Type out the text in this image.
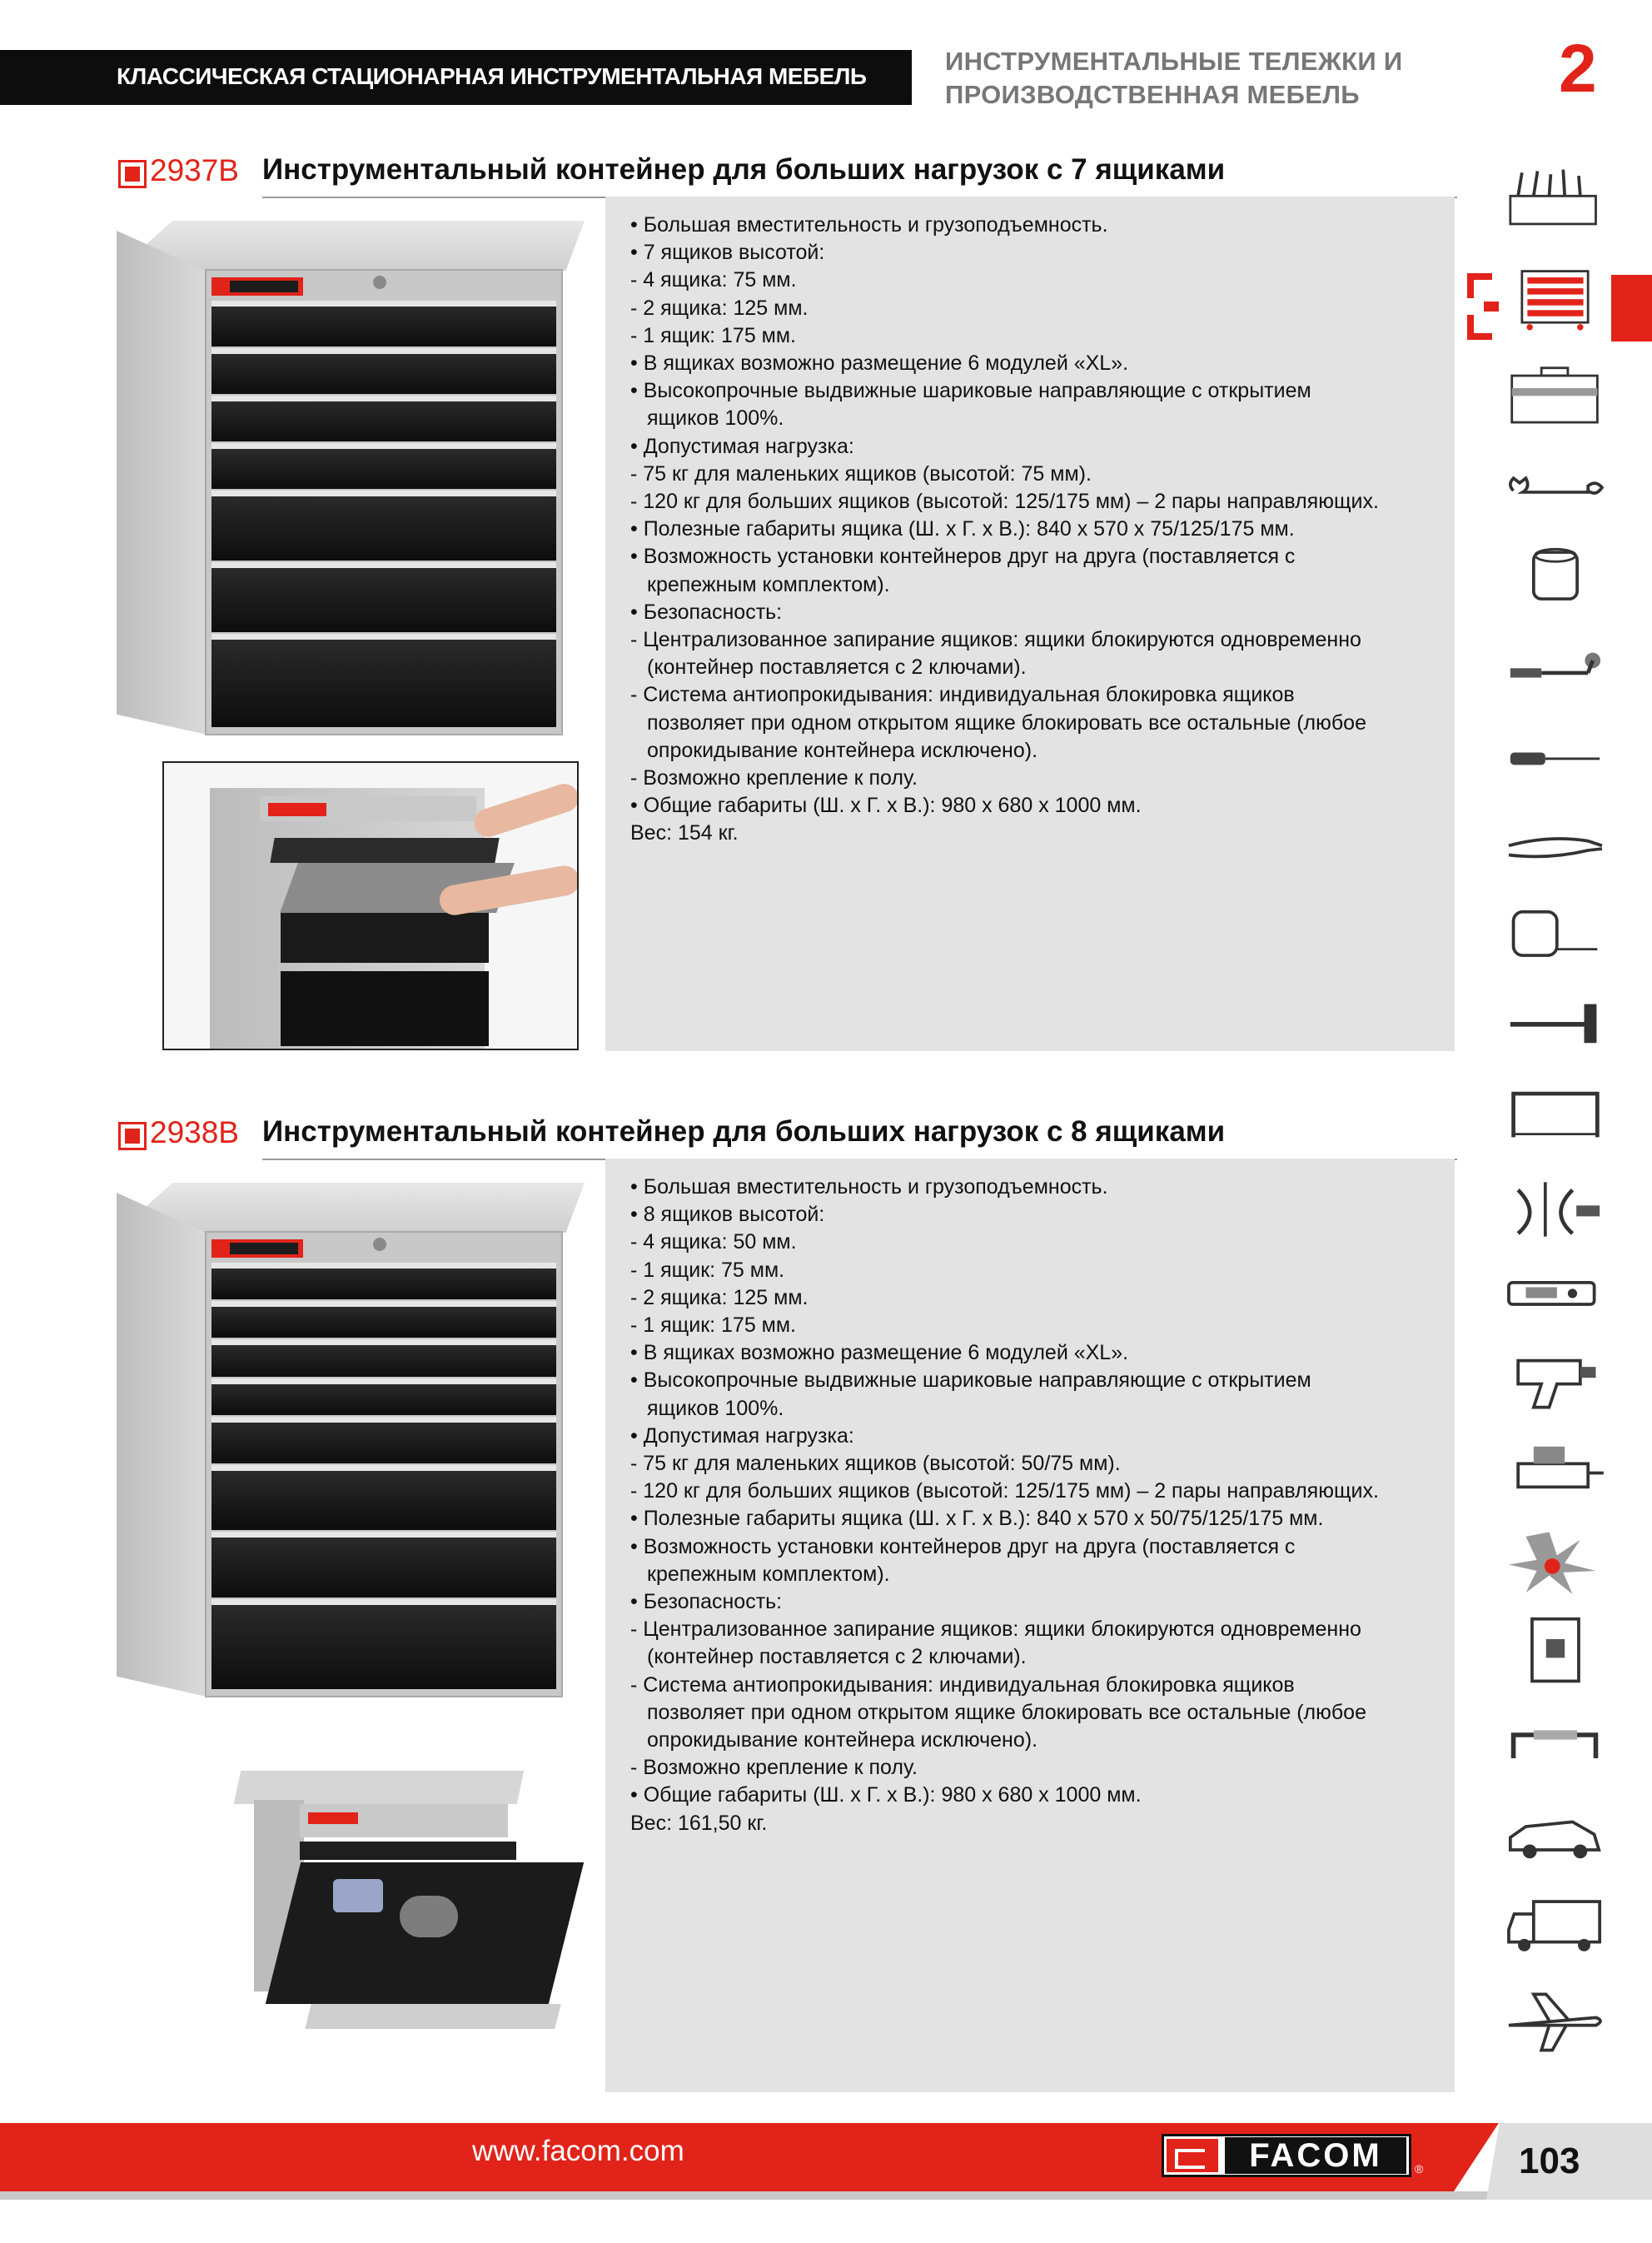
КЛАССИЧЕСКАЯ СТАЦИОНАРНАЯ ИНСТРУМЕНТАЛЬНАЯ МЕБЕЛЬ
ИНСТРУМЕНТАЛЬНЫЕ ТЕЛЕЖКИ И
ПРОИЗВОДСТВЕННАЯ МЕБЕЛЬ	2
2937B Инструментальный контейнер для больших нагрузок с 7 ящиками
• Большая вместительность и грузоподъемность.
• 7 ящиков высотой:
- 4 ящика: 75 мм.
- 2 ящика: 125 мм.
- 1 ящик: 175 мм.
• В ящиках возможно размещение 6 модулей «XL».
• Высокопрочные выдвижные шариковые направляющие с открытием
ящиков 100%.
• Допустимая нагрузка:
- 75 кг для маленьких ящиков (высотой: 75 мм).
- 120 кг для больших ящиков (высотой: 125/175 мм) – 2 пары направляющих.
• Полезные габариты ящика (Ш. x Г. x В.): 840 x 570 x 75/125/175 мм.
• Возможность установки контейнеров друг на друга (поставляется с
крепежным комплектом).
• Безопасность:
- Централизованное запирание ящиков: ящики блокируются одновременно
(контейнер поставляется с 2 ключами).
- Система антиопрокидывания: индивидуальная блокировка ящиков
позволяет при одном открытом ящике блокировать все остальные (любое
опрокидывание контейнера исключено).
- Возможно крепление к полу.
• Общие габариты (Ш. x Г. x В.): 980 x 680 x 1000 мм.
Вес: 154 кг.
2938B Инструментальный контейнер для больших нагрузок с 8 ящиками
• Большая вместительность и грузоподъемность.
• 8 ящиков высотой:
- 4 ящика: 50 мм.
- 1 ящик: 75 мм.
- 2 ящика: 125 мм.
- 1 ящик: 175 мм.
• В ящиках возможно размещение 6 модулей «XL».
• Высокопрочные выдвижные шариковые направляющие с открытием
ящиков 100%.
• Допустимая нагрузка:
- 75 кг для маленьких ящиков (высотой: 50/75 мм).
- 120 кг для больших ящиков (высотой: 125/175 мм) – 2 пары направляющих.
• Полезные габариты ящика (Ш. x Г. x В.): 840 x 570 x 50/75/125/175 мм.
• Возможность установки контейнеров друг на друга (поставляется с
крепежным комплектом).
• Безопасность:
- Централизованное запирание ящиков: ящики блокируются одновременно
(контейнер поставляется с 2 ключами).
- Система антиопрокидывания: индивидуальная блокировка ящиков
позволяет при одном открытом ящике блокировать все остальные (любое
опрокидывание контейнера исключено).
- Возможно крепление к полу.
• Общие габариты (Ш. x Г. x В.): 980 x 680 x 1000 мм.
Вес: 161,50 кг.
www.facom.com	FACOM	®	103
